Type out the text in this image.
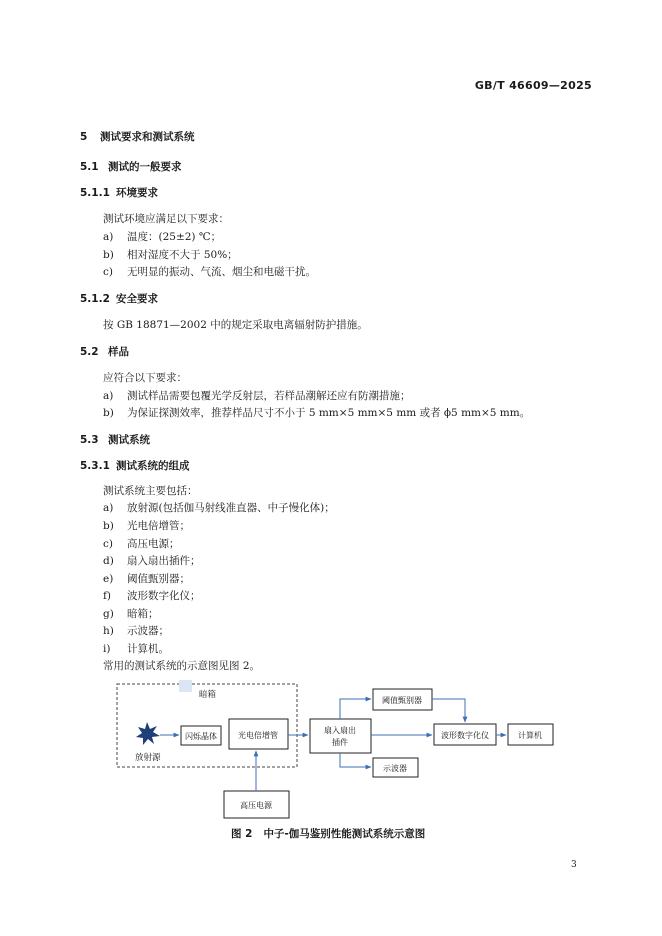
GB/T 46609—2025
5 测试要求和测试系统
5.1 测试的一般要求
5.1.1 环境要求
测试环境应满足以下要求：
a) 温度：(25±2) ℃；
b) 相对湿度不大于 50%；
c) 无明显的振动、气流、烟尘和电磁干扰。
5.1.2 安全要求
按 GB 18871—2002 中的规定采取电离辐射防护措施。
5.2 样品
应符合以下要求：
a) 测试样品需要包覆光学反射层，若样品潮解还应有防潮措施；
b) 为保证探测效率，推荐样品尺寸不小于 5 mm×5 mm×5 mm 或者 ϕ5 mm×5 mm。
5.3 测试系统
5.3.1 测试系统的组成
测试系统主要包括：
a) 放射源(包括伽马射线准直器、中子慢化体)；
b) 光电倍增管；
c) 高压电源；
d) 扇入扇出插件；
e) 阈值甄别器；
f) 波形数字化仪；
g) 暗箱；
h) 示波器；
i) 计算机。
常用的测试系统的示意图见图 2。
暗箱
放射源
闪烁晶体	光电倍增管
高压电源
扇入扇出
插件
阈值甄别器
示波器
波形数字化仪	计算机
图 2 中子-伽马鉴别性能测试系统示意图
3
